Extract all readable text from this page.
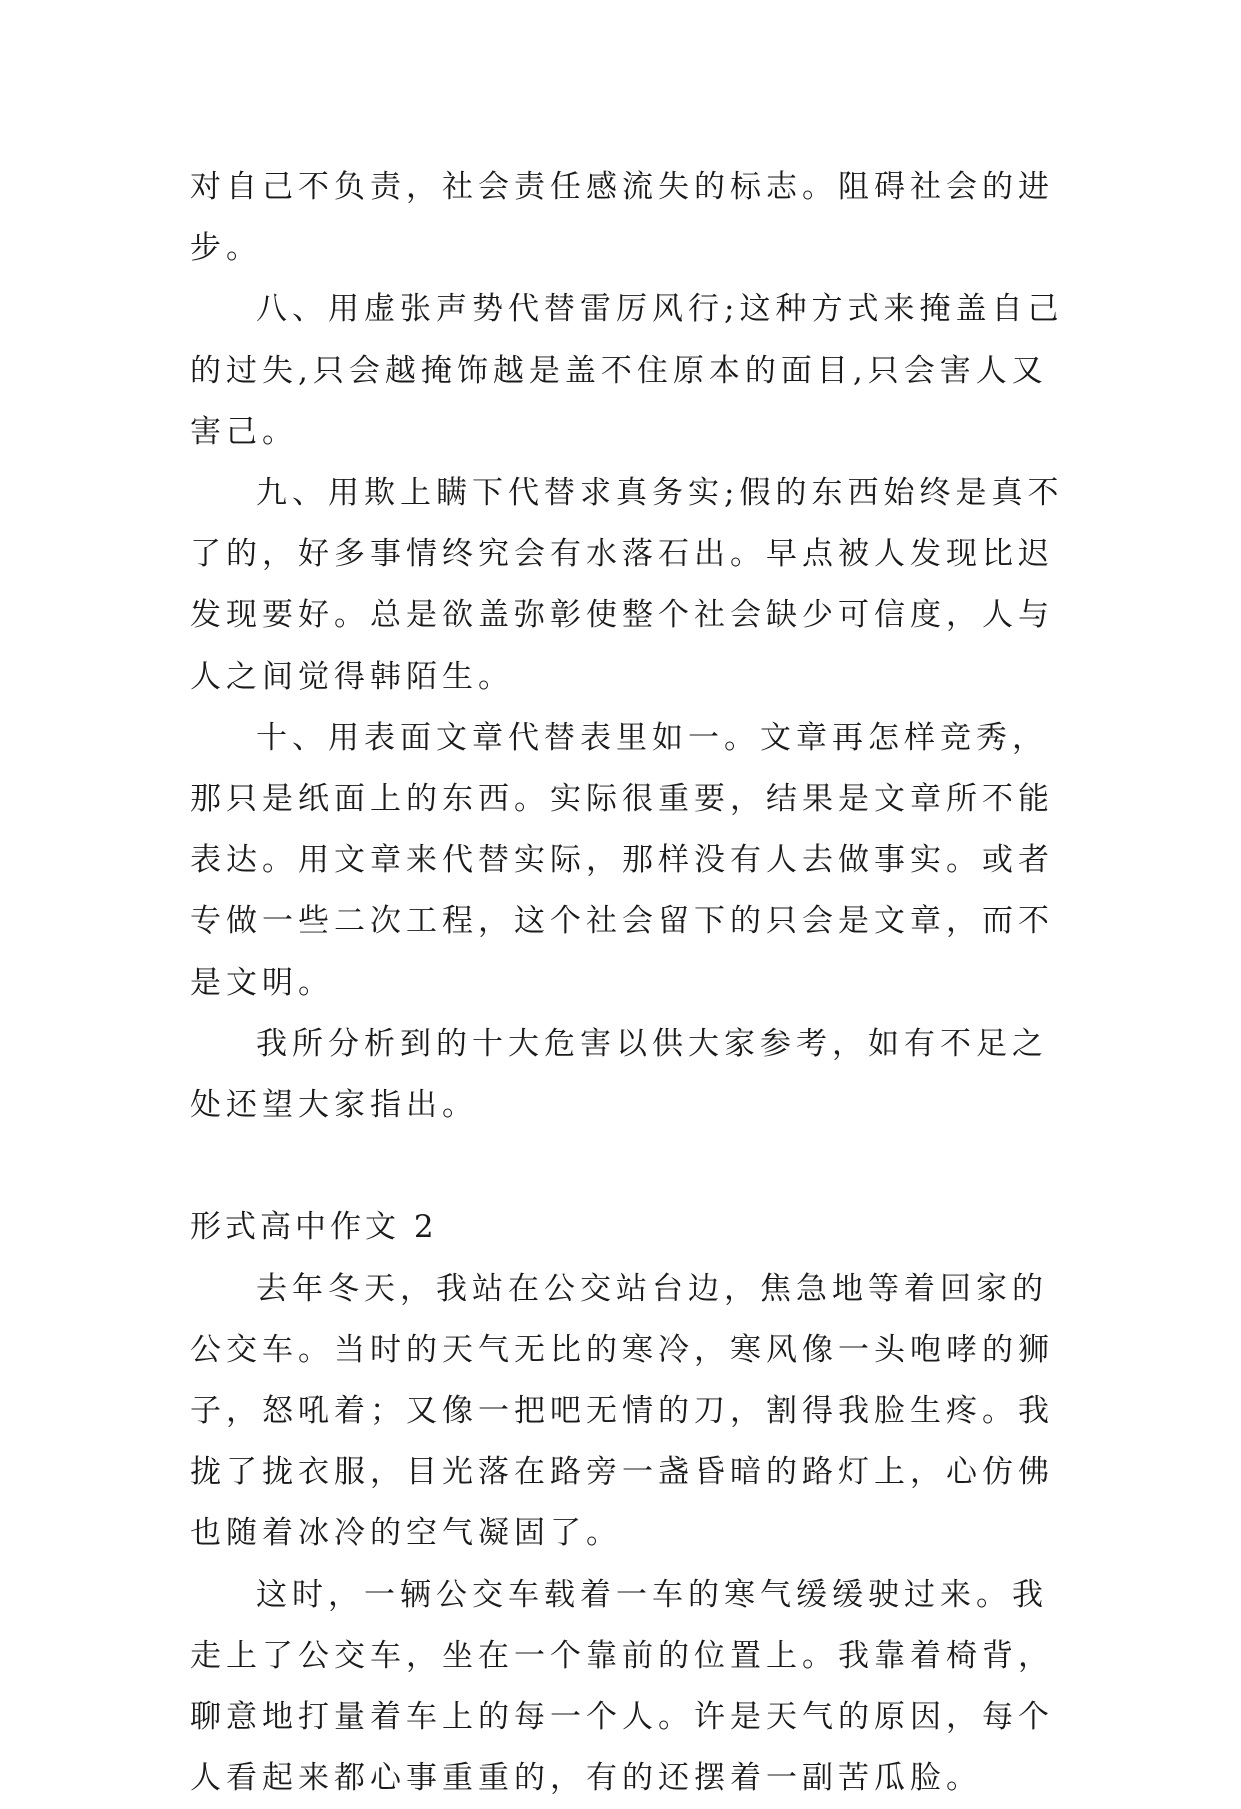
对自己不负责，社会责任感流失的标志。阻碍社会的进步。

八、用虚张声势代替雷厉风行;这种方式来掩盖自己的过失,只会越掩饰越是盖不住原本的面目,只会害人又害己。

九、用欺上瞒下代替求真务实;假的东西始终是真不了的，好多事情终究会有水落石出。早点被人发现比迟发现要好。总是欲盖弥彰使整个社会缺少可信度，人与人之间觉得韩陌生。

十、用表面文章代替表里如一。文章再怎样竞秀，那只是纸面上的东西。实际很重要，结果是文章所不能表达。用文章来代替实际，那样没有人去做事实。或者专做一些二次工程，这个社会留下的只会是文章，而不是文明。

我所分析到的十大危害以供大家参考，如有不足之处还望大家指出。

形式高中作文 2

去年冬天，我站在公交站台边，焦急地等着回家的公交车。当时的天气无比的寒冷，寒风像一头咆哮的狮子，怒吼着；又像一把吧无情的刀，割得我脸生疼。我拢了拢衣服，目光落在路旁一盏昏暗的路灯上，心仿佛也随着冰冷的空气凝固了。

这时，一辆公交车载着一车的寒气缓缓驶过来。我走上了公交车，坐在一个靠前的位置上。我靠着椅背，聊意地打量着车上的每一个人。许是天气的原因，每个人看起来都心事重重的，有的还摆着一副苦瓜脸。
